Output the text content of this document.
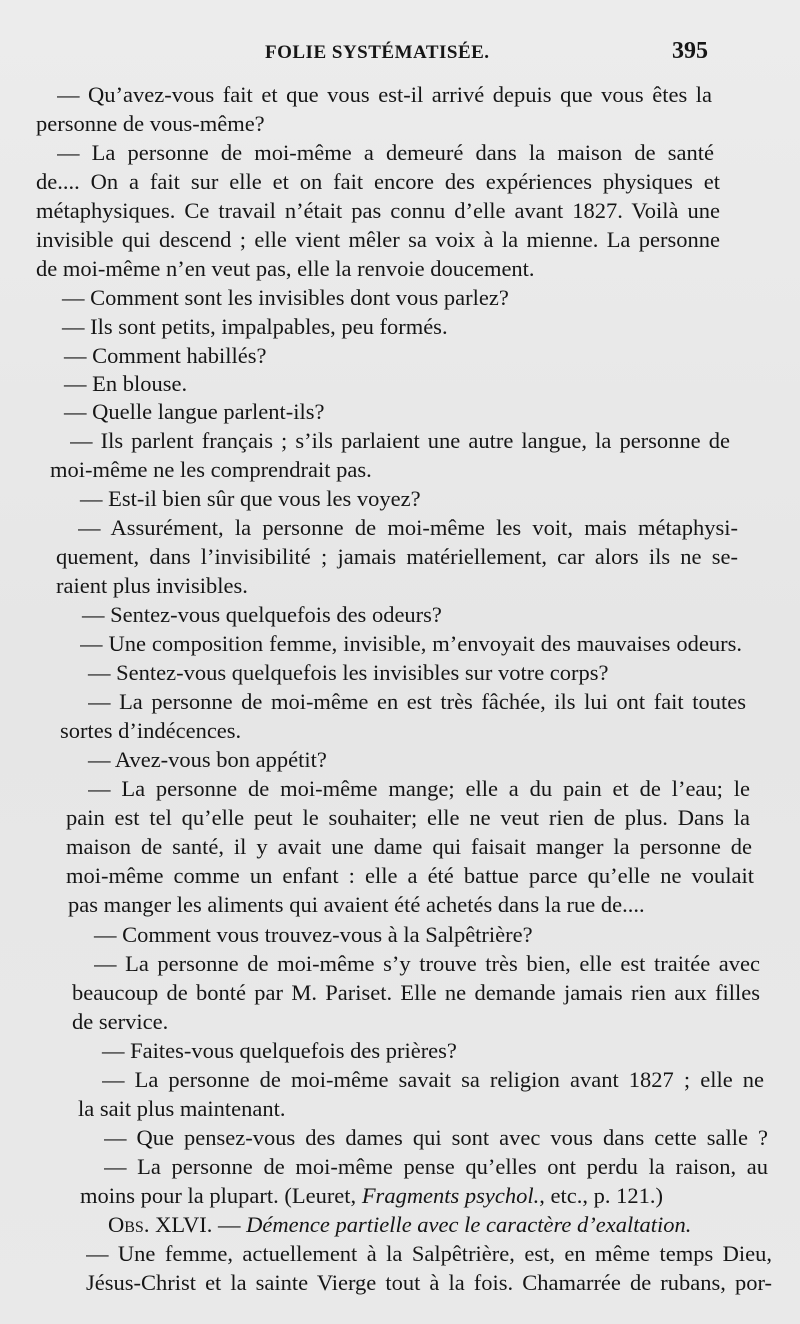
FOLIE SYSTÉMATISÉE.	395
— Qu’avez-vous fait et que vous est-il arrivé depuis que vous êtes la
personne de vous-même?
— La personne de moi-même a demeuré dans la maison de santé
de.... On a fait sur elle et on fait encore des expériences physiques et
métaphysiques. Ce travail n’était pas connu d’elle avant 1827. Voilà une
invisible qui descend ; elle vient mêler sa voix à la mienne. La personne
de moi-même n’en veut pas, elle la renvoie doucement.
— Comment sont les invisibles dont vous parlez?
— Ils sont petits, impalpables, peu formés.
— Comment habillés?
— En blouse.
— Quelle langue parlent-ils?
— Ils parlent français ; s’ils parlaient une autre langue, la personne de
moi-même ne les comprendrait pas.
— Est-il bien sûr que vous les voyez?
— Assurément, la personne de moi-même les voit, mais métaphysi-
quement, dans l’invisibilité ; jamais matériellement, car alors ils ne se-
raient plus invisibles.
— Sentez-vous quelquefois des odeurs?
— Une composition femme, invisible, m’envoyait des mauvaises odeurs.
— Sentez-vous quelquefois les invisibles sur votre corps?
— La personne de moi-même en est très fâchée, ils lui ont fait toutes
sortes d’indécences.
— Avez-vous bon appétit?
— La personne de moi-même mange; elle a du pain et de l’eau; le
pain est tel qu’elle peut le souhaiter; elle ne veut rien de plus. Dans la
maison de santé, il y avait une dame qui faisait manger la personne de
moi-même comme un enfant : elle a été battue parce qu’elle ne voulait
pas manger les aliments qui avaient été achetés dans la rue de....
— Comment vous trouvez-vous à la Salpêtrière?
— La personne de moi-même s’y trouve très bien, elle est traitée avec
beaucoup de bonté par M. Pariset. Elle ne demande jamais rien aux filles
de service.
— Faites-vous quelquefois des prières?
— La personne de moi-même savait sa religion avant 1827 ; elle ne
la sait plus maintenant.
— Que pensez-vous des dames qui sont avec vous dans cette salle ?
— La personne de moi-même pense qu’elles ont perdu la raison, au
moins pour la plupart. (Leuret, Fragments psychol., etc., p. 121.)
Obs. XLVI. — Démence partielle avec le caractère d’exaltation.
— Une femme, actuellement à la Salpêtrière, est, en même temps Dieu,
Jésus-Christ et la sainte Vierge tout à la fois. Chamarrée de rubans, por-
